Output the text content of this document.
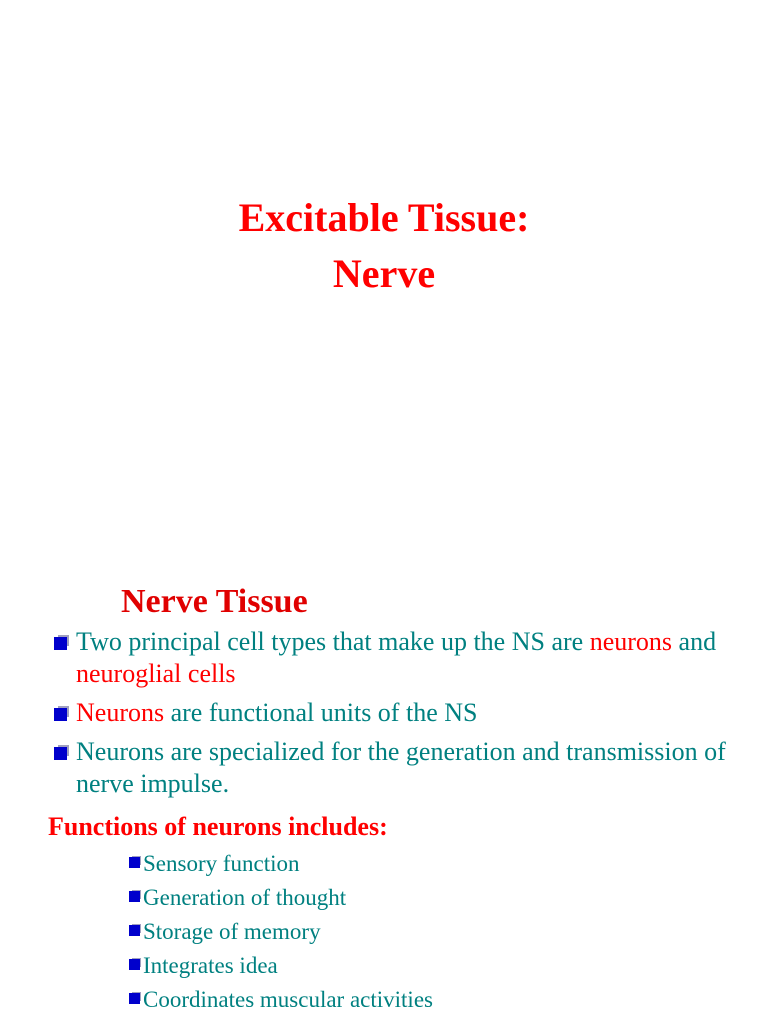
Excitable Tissue:
Nerve
Nerve Tissue
Two principal cell types that make up the NS are neurons and neuroglial cells
Neurons are functional units of the NS
Neurons are specialized for the generation and transmission of nerve impulse.
Functions of neurons includes:
Sensory function
Generation of thought
Storage of memory
Integrates idea
Coordinates muscular activities
